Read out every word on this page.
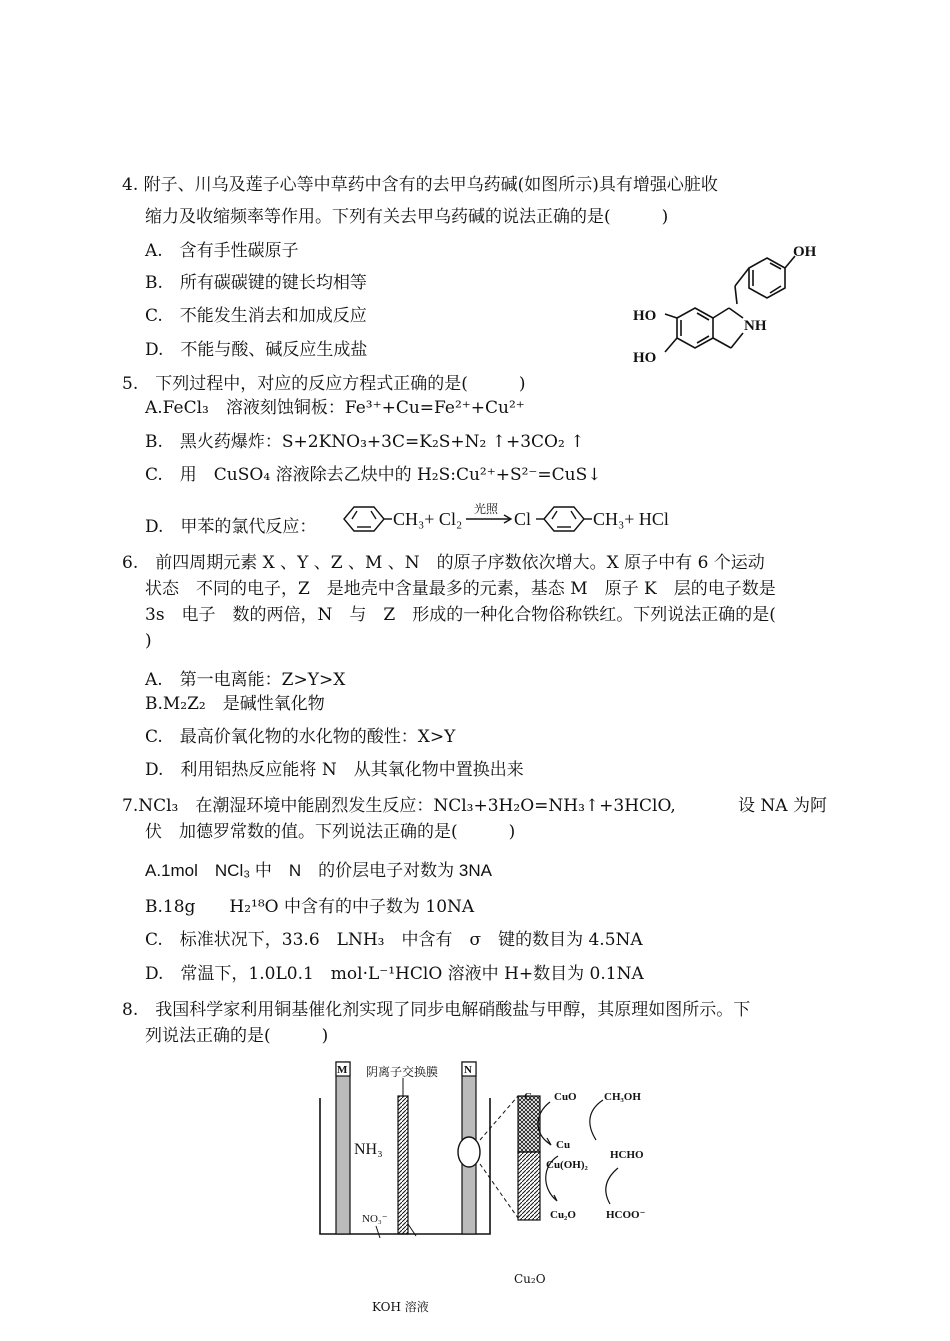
4. 附子、川乌及莲子心等中草药中含有的去甲乌药碱(如图所示)具有增强心脏收
缩力及收缩频率等作用。下列有关去甲乌药碱的说法正确的是(　　　)
A.　含有手性碳原子
B.　所有碳碳键的键长均相等
C.　不能发生消去和加成反应
D.　不能与酸、碱反应生成盐
OH
NH
HO
HO
5.　下列过程中，对应的反应方程式正确的是(　　　)
A.FeCl₃　溶液刻蚀铜板：Fe³⁺+Cu=Fe²⁺+Cu²⁺
B.　黑火药爆炸：S+2KNO₃+3C=K₂S+N₂ ↑+3CO₂ ↑
C.　用　CuSO₄ 溶液除去乙炔中的 H₂S:Cu²⁺+S²⁻=CuS↓
D.　甲苯的氯代反应：	CH₃+ Cl₂ 光照 Cl	CH₃+ HCl
6.　前四周期元素 X 、Y 、Z 、M 、N　的原子序数依次增大。X 原子中有 6 个运动
状态　不同的电子，Z　是地壳中含量最多的元素，基态 M　原子 K　层的电子数是
3s　电子　数的两倍，N　与　Z　形成的一种化合物俗称铁红。下列说法正确的是(
)
A.　第一电离能：Z>Y>X
B.M₂Z₂　是碱性氧化物
C.　最高价氧化物的水化物的酸性：X>Y
D.　利用铝热反应能将 N　从其氧化物中置换出来
7.NCl₃　在潮湿环境中能剧烈发生反应：NCl₃+3H₂O=NH₃↑+3HClO,	设 NA 为阿
伏　加德罗常数的值。下列说法正确的是(　　　)
A.1mol　NCl₃ 中　N　的价层电子对数为 3NA
B.18g　　H₂¹⁸O 中含有的中子数为 10NA
C.　标准状况下，33.6　LNH₃　中含有　σ　键的数目为 4.5NA
D.　常温下，1.0L0.1　mol·L⁻¹HClO 溶液中 H+数目为 0.1NA
8.　我国科学家利用铜基催化剂实现了同步电解硝酸盐与甲醇，其原理如图所示。下
列说法正确的是(　　　)
阴离子交换膜
M	N
NH₃
NO₃⁻
C CuO CH₃OH
Cu
HCHO
Cu(OH)₂
Cu₂O	HCOO⁻
Cu₂O
KOH 溶液
